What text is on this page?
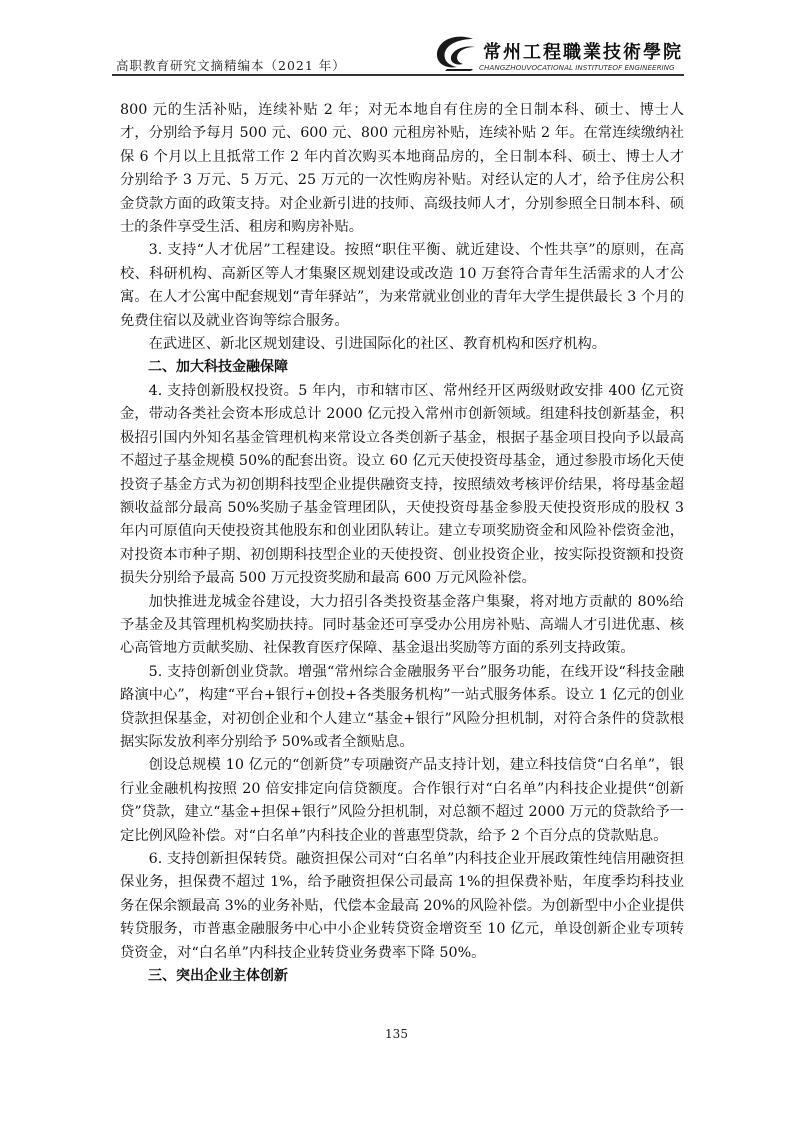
高职教育研究文摘精编本（2021 年）
常州工程職業技術學院
CHANGZHOUVOCATIONAL INSTITUTEOF ENGINEERING

800 元的生活补贴，连续补贴 2 年；对无本地自有住房的全日制本科、硕士、博士人才，分别给予每月 500 元、600 元、800 元租房补贴，连续补贴 2 年。在常连续缴纳社保 6 个月以上且抵常工作 2 年内首次购买本地商品房的，全日制本科、硕士、博士人才分别给予 3 万元、5 万元、25 万元的一次性购房补贴。对经认定的人才，给予住房公积金贷款方面的政策支持。对企业新引进的技师、高级技师人才，分别参照全日制本科、硕士的条件享受生活、租房和购房补贴。

3. 支持“人才优居”工程建设。按照“职住平衡、就近建设、个性共享”的原则，在高校、科研机构、高新区等人才集聚区规划建设或改造 10 万套符合青年生活需求的人才公寓。在人才公寓中配套规划“青年驿站”，为来常就业创业的青年大学生提供最长 3 个月的免费住宿以及就业咨询等综合服务。

在武进区、新北区规划建设、引进国际化的社区、教育机构和医疗机构。

二、加大科技金融保障

4. 支持创新股权投资。5 年内，市和辖市区、常州经开区两级财政安排 400 亿元资金，带动各类社会资本形成总计 2000 亿元投入常州市创新领域。组建科技创新基金，积极招引国内外知名基金管理机构来常设立各类创新子基金，根据子基金项目投向予以最高不超过子基金规模 50%的配套出资。设立 60 亿元天使投资母基金，通过参股市场化天使投资子基金方式为初创期科技型企业提供融资支持，按照绩效考核评价结果，将母基金超额收益部分最高 50%奖励子基金管理团队，天使投资母基金参股天使投资形成的股权 3 年内可原值向天使投资其他股东和创业团队转让。建立专项奖励资金和风险补偿资金池，对投资本市种子期、初创期科技型企业的天使投资、创业投资企业，按实际投资额和投资损失分别给予最高 500 万元投资奖励和最高 600 万元风险补偿。

加快推进龙城金谷建设，大力招引各类投资基金落户集聚，将对地方贡献的 80%给予基金及其管理机构奖励扶持。同时基金还可享受办公用房补贴、高端人才引进优惠、核心高管地方贡献奖励、社保教育医疗保障、基金退出奖励等方面的系列支持政策。

5. 支持创新创业贷款。增强“常州综合金融服务平台”服务功能，在线开设“科技金融路演中心”，构建“平台+银行+创投+各类服务机构”一站式服务体系。设立 1 亿元的创业贷款担保基金，对初创企业和个人建立“基金+银行”风险分担机制，对符合条件的贷款根据实际发放利率分别给予 50%或者全额贴息。

创设总规模 10 亿元的“创新贷”专项融资产品支持计划，建立科技信贷“白名单”，银行业金融机构按照 20 倍安排定向信贷额度。合作银行对“白名单”内科技企业提供“创新贷”贷款，建立“基金+担保+银行”风险分担机制，对总额不超过 2000 万元的贷款给予一定比例风险补偿。对“白名单”内科技企业的普惠型贷款，给予 2 个百分点的贷款贴息。

6. 支持创新担保转贷。融资担保公司对“白名单”内科技企业开展政策性纯信用融资担保业务，担保费不超过 1%，给予融资担保公司最高 1%的担保费补贴，年度季均科技业务在保余额最高 3%的业务补贴，代偿本金最高 20%的风险补偿。为创新型中小企业提供转贷服务，市普惠金融服务中心中小企业转贷资金增资至 10 亿元，单设创新企业专项转贷资金，对“白名单”内科技企业转贷业务费率下降 50%。

三、突出企业主体创新
135
